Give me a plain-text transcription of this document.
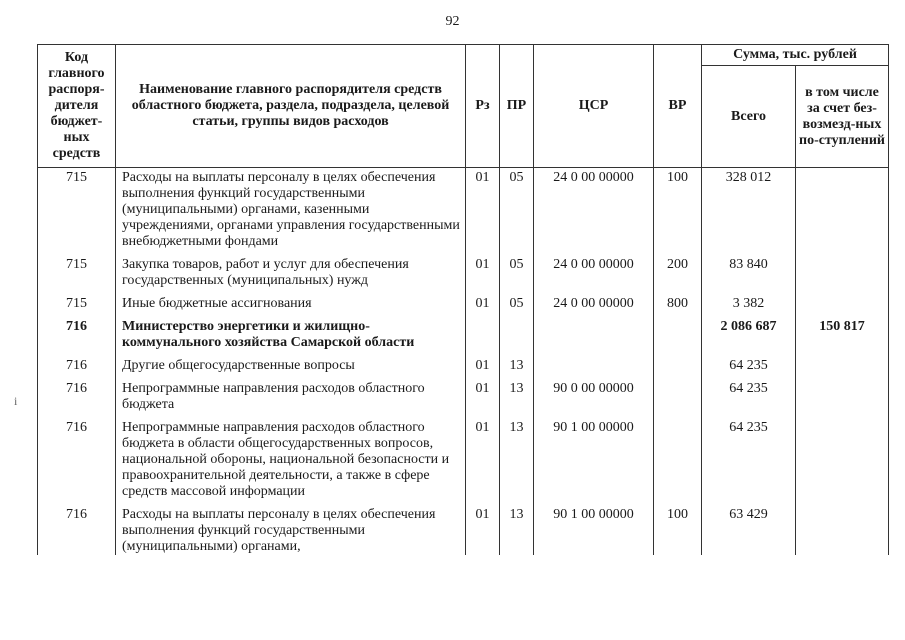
92
i
Код главного распоря-дителя бюджет-ных средств	Наименование главного распорядителя средств областного бюджета, раздела, подраздела, целевой статьи, группы видов расходов	Рз	ПР	ЦСР	ВР	Сумма, тыс. рублей	
						Всего	в том числе за счет без-возмезд-ных по-ступлений
715	Расходы на выплаты персоналу в целях обеспечения выполнения функций государственными (муниципальными) органами, казенными учреждениями, органами управления государственными внебюджетными фондами	01	05	24 0 00 00000	100	328 012	
715	Закупка товаров, работ и услуг для обеспечения государственных (муниципальных) нужд	01	05	24 0 00 00000	200	83 840	
715	Иные бюджетные ассигнования	01	05	24 0 00 00000	800	3 382	
716	Министерство энергетики и жилищно-коммунального хозяйства Самарской области					2 086 687	150 817
716	Другие общегосударственные вопросы	01	13			64 235	
716	Непрограммные направления расходов областного бюджета	01	13	90 0 00 00000		64 235	
716	Непрограммные направления расходов областного бюджета в области общегосударственных вопросов, национальной обороны, национальной безопасности и правоохранительной деятельности, а также в сфере средств массовой информации	01	13	90 1 00 00000		64 235	
716	Расходы на выплаты персоналу в целях обеспечения выполнения функций государственными (муниципальными) органами,	01	13	90 1 00 00000	100	63 429	
